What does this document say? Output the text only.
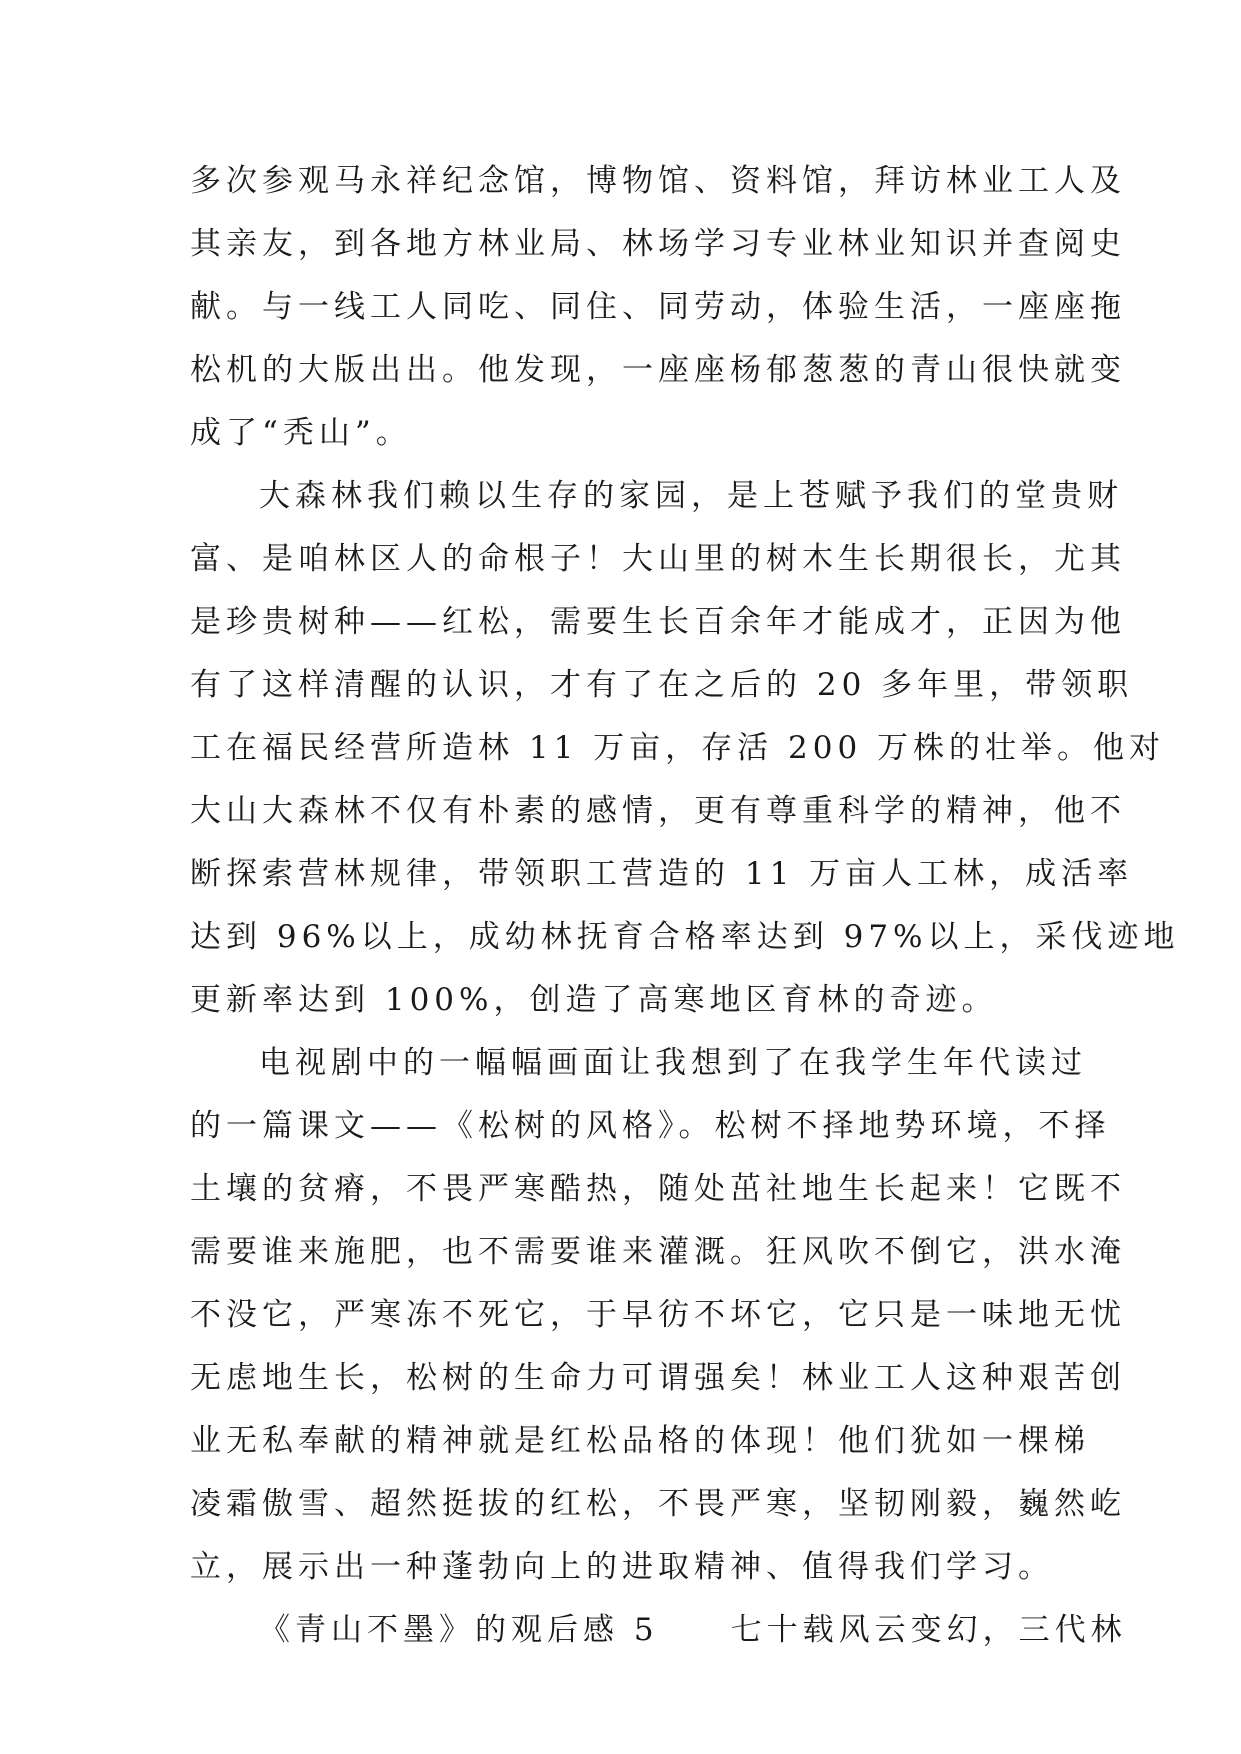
多次参观马永祥纪念馆，博物馆、资料馆，拜访林业工人及
其亲友，到各地方林业局、林场学习专业林业知识并查阅史
献。与一线工人同吃、同住、同劳动，体验生活，一座座拖
松机的大版出出。他发现，一座座杨郁葱葱的青山很快就变
成了“秃山”。
大森林我们赖以生存的家园，是上苍赋予我们的堂贵财
富、是咱林区人的命根子！大山里的树木生长期很长，尤其
是珍贵树种——红松，需要生长百余年才能成才，正因为他
有了这样清醒的认识，才有了在之后的 20 多年里，带领职
工在福民经营所造林 11 万亩，存活 200 万株的壮举。他对
大山大森林不仅有朴素的感情，更有尊重科学的精神，他不
断探索营林规律，带领职工营造的 11 万亩人工林，成活率
达到 96%以上，成幼林抚育合格率达到 97%以上，采伐迹地
更新率达到 100%，创造了高寒地区育林的奇迹。
电视剧中的一幅幅画面让我想到了在我学生年代读过
的一篇课文——《松树的风格》。松树不择地势环境，不择
土壤的贫瘠，不畏严寒酷热，随处茁社地生长起来！它既不
需要谁来施肥，也不需要谁来灌溉。狂风吹不倒它，洪水淹
不没它，严寒冻不死它，于早彷不坏它，它只是一味地无忧
无虑地生长，松树的生命力可谓强矣！林业工人这种艰苦创
业无私奉献的精神就是红松品格的体现！他们犹如一棵梯
凌霜傲雪、超然挺拔的红松，不畏严寒，坚韧刚毅，巍然屹
立，展示出一种蓬勃向上的进取精神、值得我们学习。
《青山不墨》的观后感 5　　七十载风云变幻，三代林
